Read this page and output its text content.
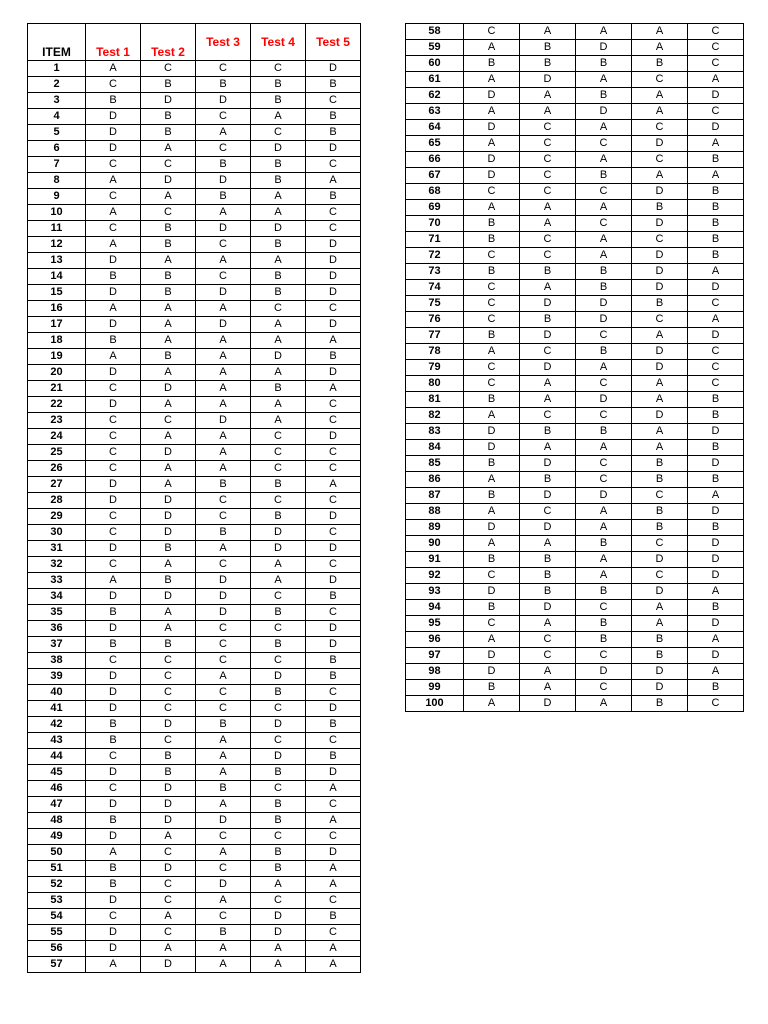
ITEM	Test 1	Test 2	Test 3	Test 4	Test 5
1	A	C	C	C	D
2	C	B	B	B	B
3	B	D	D	B	C
4	D	B	C	A	B
5	D	B	A	C	B
6	D	A	C	D	D
7	C	C	B	B	C
8	A	D	D	B	A
9	C	A	B	A	B
10	A	C	A	A	C
11	C	B	D	D	C
12	A	B	C	B	D
13	D	A	A	A	D
14	B	B	C	B	D
15	D	B	D	B	D
16	A	A	A	C	C
17	D	A	D	A	D
18	B	A	A	A	A
19	A	B	A	D	B
20	D	A	A	A	D
21	C	D	A	B	A
22	D	A	A	A	C
23	C	C	D	A	C
24	C	A	A	C	D
25	C	D	A	C	C
26	C	A	A	C	C
27	D	A	B	B	A
28	D	D	C	C	C
29	C	D	C	B	D
30	C	D	B	D	C
31	D	B	A	D	D
32	C	A	C	A	C
33	A	B	D	A	D
34	D	D	D	C	B
35	B	A	D	B	C
36	D	A	C	C	D
37	B	B	C	B	D
38	C	C	C	C	B
39	D	C	A	D	B
40	D	C	C	B	C
41	D	C	C	C	D
42	B	D	B	D	B
43	B	C	A	C	C
44	C	B	A	D	B
45	D	B	A	B	D
46	C	D	B	C	A
47	D	D	A	B	C
48	B	D	D	B	A
49	D	A	C	C	C
50	A	C	A	B	D
51	B	D	C	B	A
52	B	C	D	A	A
53	D	C	A	C	C
54	C	A	C	D	B
55	D	C	B	D	C
56	D	A	A	A	A
57	A	D	A	A	A
58	C	A	A	A	C
59	A	B	D	A	C
60	B	B	B	B	C
61	A	D	A	C	A
62	D	A	B	A	D
63	A	A	D	A	C
64	D	C	A	C	D
65	A	C	C	D	A
66	D	C	A	C	B
67	D	C	B	A	A
68	C	C	C	D	B
69	A	A	A	B	B
70	B	A	C	D	B
71	B	C	A	C	B
72	C	C	A	D	B
73	B	B	B	D	A
74	C	A	B	D	D
75	C	D	D	B	C
76	C	B	D	C	A
77	B	D	C	A	D
78	A	C	B	D	C
79	C	D	A	D	C
80	C	A	C	A	C
81	B	A	D	A	B
82	A	C	C	D	B
83	D	B	B	A	D
84	D	A	A	A	B
85	B	D	C	B	D
86	A	B	C	B	B
87	B	D	D	C	A
88	A	C	A	B	D
89	D	D	A	B	B
90	A	A	B	C	D
91	B	B	A	D	D
92	C	B	A	C	D
93	D	B	B	D	A
94	B	D	C	A	B
95	C	A	B	A	D
96	A	C	B	B	A
97	D	C	C	B	D
98	D	A	D	D	A
99	B	A	C	D	B
100	A	D	A	B	C
